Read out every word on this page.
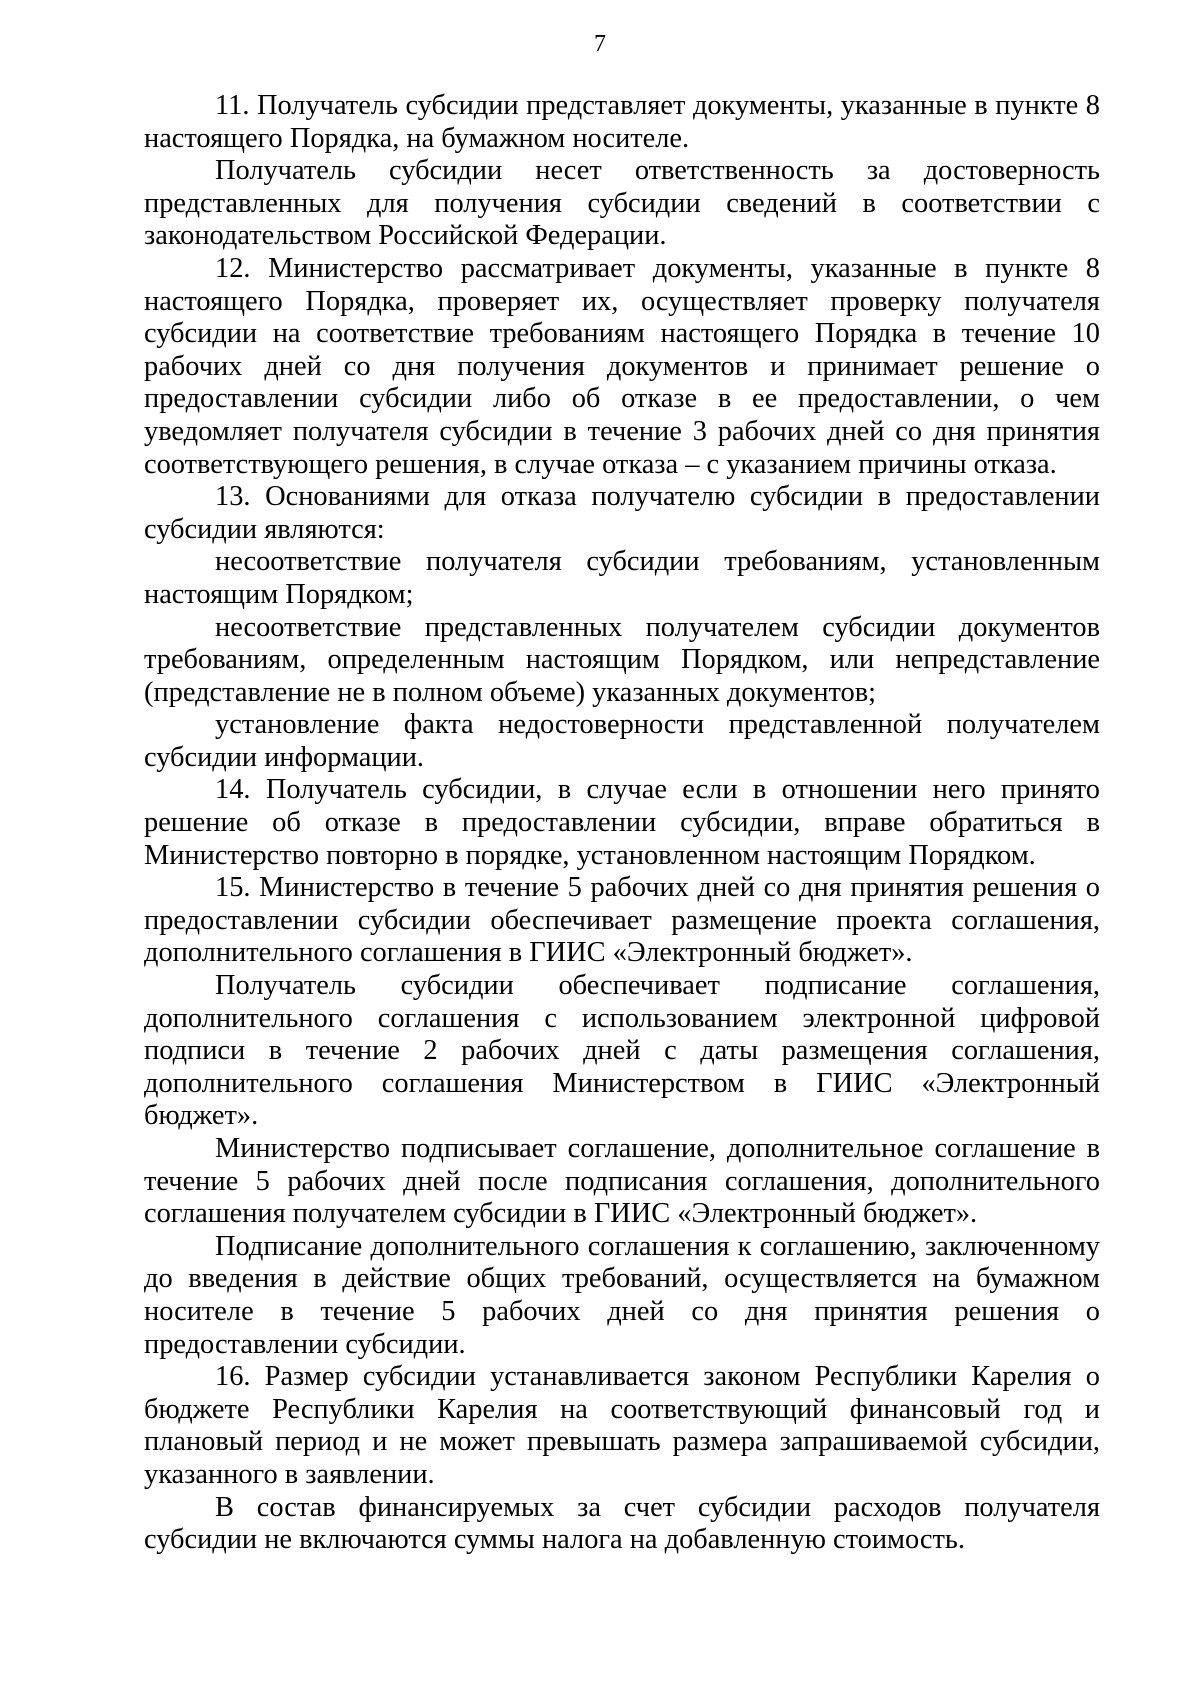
7

11. Получатель субсидии представляет документы, указанные в пункте 8 настоящего Порядка, на бумажном носителе.

Получатель субсидии несет ответственность за достоверность представленных для получения субсидии сведений в соответствии с законодательством Российской Федерации.

12. Министерство рассматривает документы, указанные в пункте 8 настоящего Порядка, проверяет их, осуществляет проверку получателя субсидии на соответствие требованиям настоящего Порядка в течение 10 рабочих дней со дня получения документов и принимает решение о предоставлении субсидии либо об отказе в ее предоставлении, о чем уведомляет получателя субсидии в течение 3 рабочих дней со дня принятия соответствующего решения, в случае отказа – с указанием причины отказа.

13. Основаниями для отказа получателю субсидии в предоставлении субсидии являются:

несоответствие получателя субсидии требованиям, установленным настоящим Порядком;

несоответствие представленных получателем субсидии документов требованиям, определенным настоящим Порядком, или непредставление (представление не в полном объеме) указанных документов;

установление факта недостоверности представленной получателем субсидии информации.

14. Получатель субсидии, в случае если в отношении него принято решение об отказе в предоставлении субсидии, вправе обратиться в Министерство повторно в порядке, установленном настоящим Порядком.

15. Министерство в течение 5 рабочих дней со дня принятия решения о предоставлении субсидии обеспечивает размещение проекта соглашения, дополнительного соглашения в ГИИС «Электронный бюджет».

Получатель субсидии обеспечивает подписание соглашения, дополнительного соглашения с использованием электронной цифровой подписи в течение 2 рабочих дней с даты размещения соглашения, дополнительного соглашения Министерством в ГИИС «Электронный бюджет».

Министерство подписывает соглашение, дополнительное соглашение в течение 5 рабочих дней после подписания соглашения, дополнительного соглашения получателем субсидии в ГИИС «Электронный бюджет».

Подписание дополнительного соглашения к соглашению, заключенному до введения в действие общих требований, осуществляется на бумажном носителе в течение 5 рабочих дней со дня принятия решения о предоставлении субсидии.

16. Размер субсидии устанавливается законом Республики Карелия о бюджете Республики Карелия на соответствующий финансовый год и плановый период и не может превышать размера запрашиваемой субсидии, указанного в заявлении.

В состав финансируемых за счет субсидии расходов получателя субсидии не включаются суммы налога на добавленную стоимость.
